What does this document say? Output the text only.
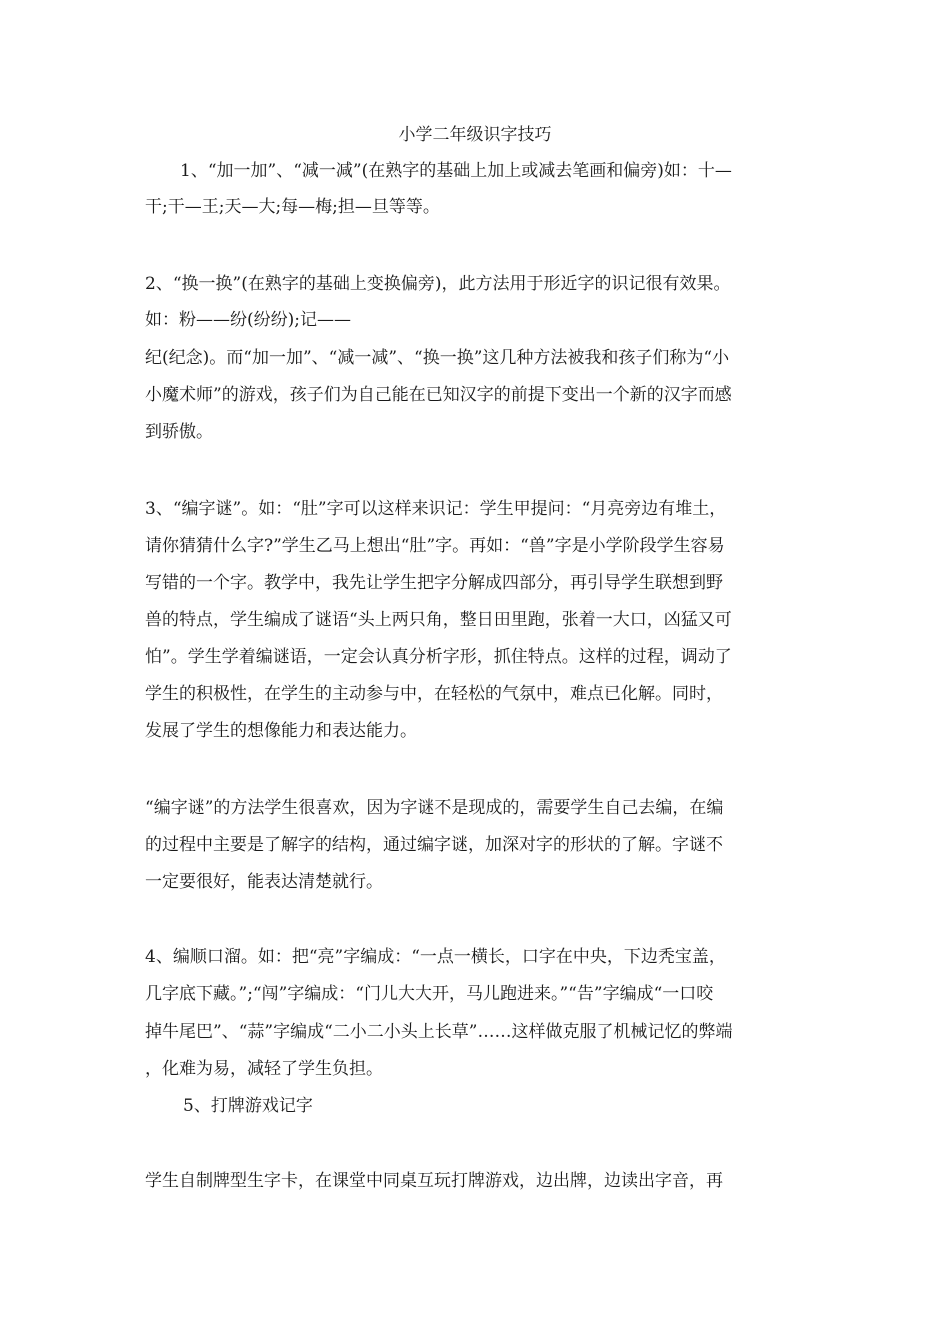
小学二年级识字技巧
1、“加一加”、“减一减”(在熟字的基础上加上或减去笔画和偏旁)如：十—
干;干—王;天—大;每—梅;担—旦等等。
2、“换一换”(在熟字的基础上变换偏旁)，此方法用于形近字的识记很有效果。
如：粉——纷(纷纷);记——
纪(纪念)。而“加一加”、“减一减”、“换一换”这几种方法被我和孩子们称为“小
小魔术师”的游戏，孩子们为自己能在已知汉字的前提下变出一个新的汉字而感
到骄傲。
3、“编字谜”。如：“肚”字可以这样来识记：学生甲提问：“月亮旁边有堆土，
请你猜猜什么字?”学生乙马上想出“肚”字。再如：“兽”字是小学阶段学生容易
写错的一个字。教学中，我先让学生把字分解成四部分，再引导学生联想到野
兽的特点，学生编成了谜语“头上两只角，整日田里跑，张着一大口，凶猛又可
怕”。学生学着编谜语，一定会认真分析字形，抓住特点。这样的过程，调动了
学生的积极性，在学生的主动参与中，在轻松的气氛中，难点已化解。同时，
发展了学生的想像能力和表达能力。
“编字谜”的方法学生很喜欢，因为字谜不是现成的，需要学生自己去编，在编
的过程中主要是了解字的结构，通过编字谜，加深对字的形状的了解。字谜不
一定要很好，能表达清楚就行。
4、编顺口溜。如：把“亮”字编成：“一点一横长，口字在中央，下边秃宝盖，
几字底下藏。”;“闯”字编成：“门儿大大开，马儿跑进来。”“告”字编成“一口咬
掉牛尾巴”、“蒜”字编成“二小二小头上长草”……这样做克服了机械记忆的弊端
，化难为易，减轻了学生负担。
5、打牌游戏记字
学生自制牌型生字卡，在课堂中同桌互玩打牌游戏，边出牌，边读出字音，再
